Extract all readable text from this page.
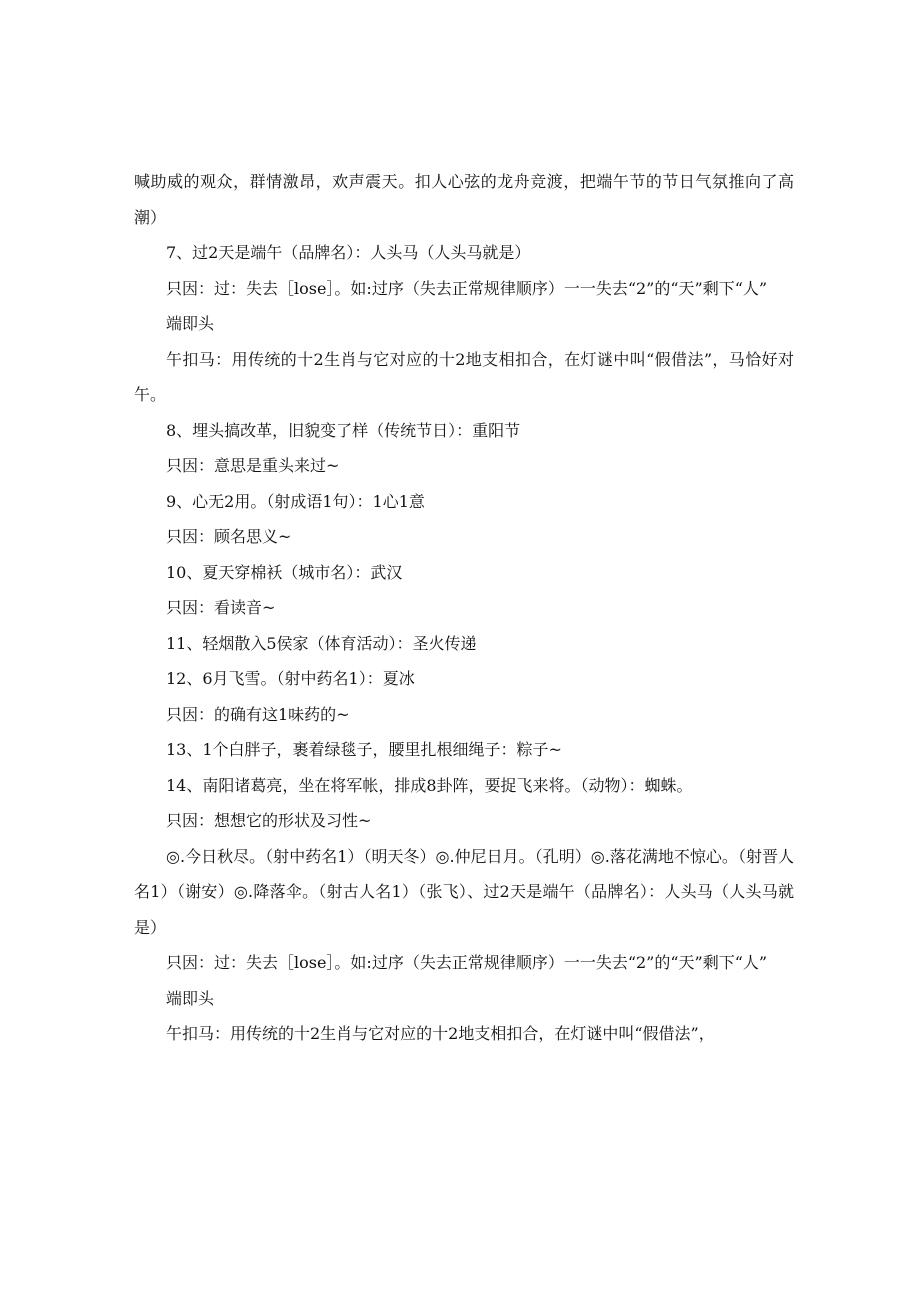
喊助威的观众，群情激昂，欢声震天。扣人心弦的龙舟竞渡，把端午节的节日气氛推向了高潮）

7、过2天是端午（品牌名）：人头马（人头马就是）

只因：过：失去［lose］。如:过序（失去正常规律顺序）一一失去“2”的“天”剩下“人”

端即头

午扣马：用传统的十2生肖与它对应的十2地支相扣合，在灯谜中叫“假借法”，马恰好对午。

8、埋头搞改革，旧貌变了样（传统节日）：重阳节

只因：意思是重头来过~

9、心无2用。（射成语1句）：1心1意

只因：顾名思义~

10、夏天穿棉袄（城市名）：武汉

只因：看读音~

11、轻烟散入5侯家（体育活动）：圣火传递

12、6月飞雪。（射中药名1）：夏冰

只因：的确有这1味药的~

13、1个白胖子，裹着绿毯子，腰里扎根细绳子：粽子~

14、南阳诸葛亮，坐在将军帐，排成8卦阵，要捉飞来将。（动物）：蜘蛛。

只因：想想它的形状及习性~

◎.今日秋尽。（射中药名1）（明天冬）◎.仲尼日月。（孔明）◎.落花满地不惊心。（射晋人名1）（谢安）◎.降落伞。（射古人名1）（张飞）、过2天是端午（品牌名）：人头马（人头马就是）

只因：过：失去［lose］。如:过序（失去正常规律顺序）一一失去“2”的“天”剩下“人”

端即头

午扣马：用传统的十2生肖与它对应的十2地支相扣合，在灯谜中叫“假借法”，
